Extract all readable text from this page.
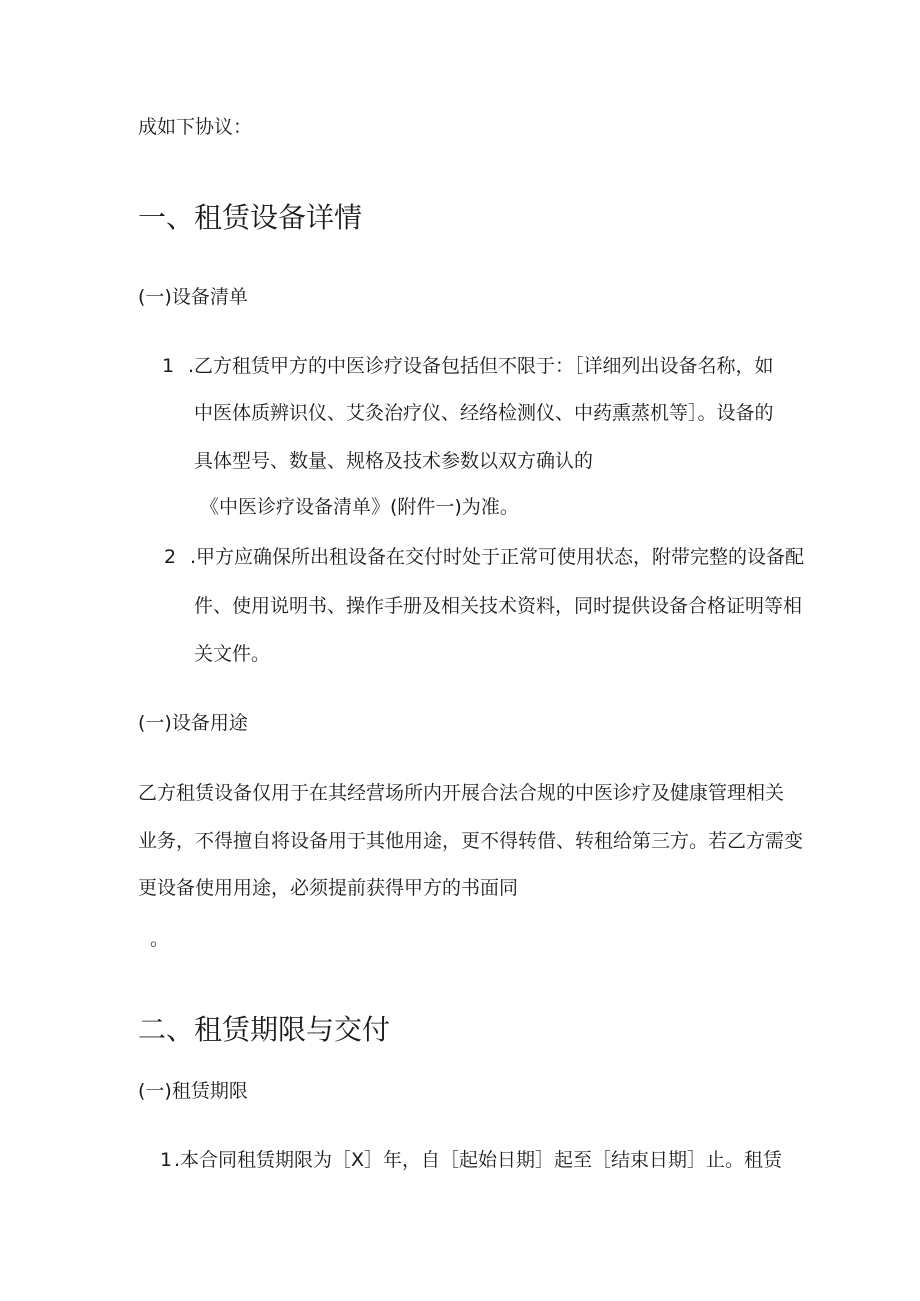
成如下协议：

一、租赁设备详情

(一)设备清单

1 .乙方租赁甲方的中医诊疗设备包括但不限于：［详细列出设备名称，如

中医体质辨识仪、艾灸治疗仪、经络检测仪、中药熏蒸机等］。设备的

具体型号、数量、规格及技术参数以双方确认的

《中医诊疗设备清单》(附件一)为准。

2 .甲方应确保所出租设备在交付时处于正常可使用状态，附带完整的设备配

件、使用说明书、操作手册及相关技术资料，同时提供设备合格证明等相

关文件。

(一)设备用途

乙方租赁设备仅用于在其经营场所内开展合法合规的中医诊疗及健康管理相关

业务，不得擅自将设备用于其他用途，更不得转借、转租给第三方。若乙方需变

更设备使用用途，必须提前获得甲方的书面同

。

二、租赁期限与交付

(一)租赁期限

1 .本合同租赁期限为［X］年，自［起始日期］起至［结束日期］止。租赁
